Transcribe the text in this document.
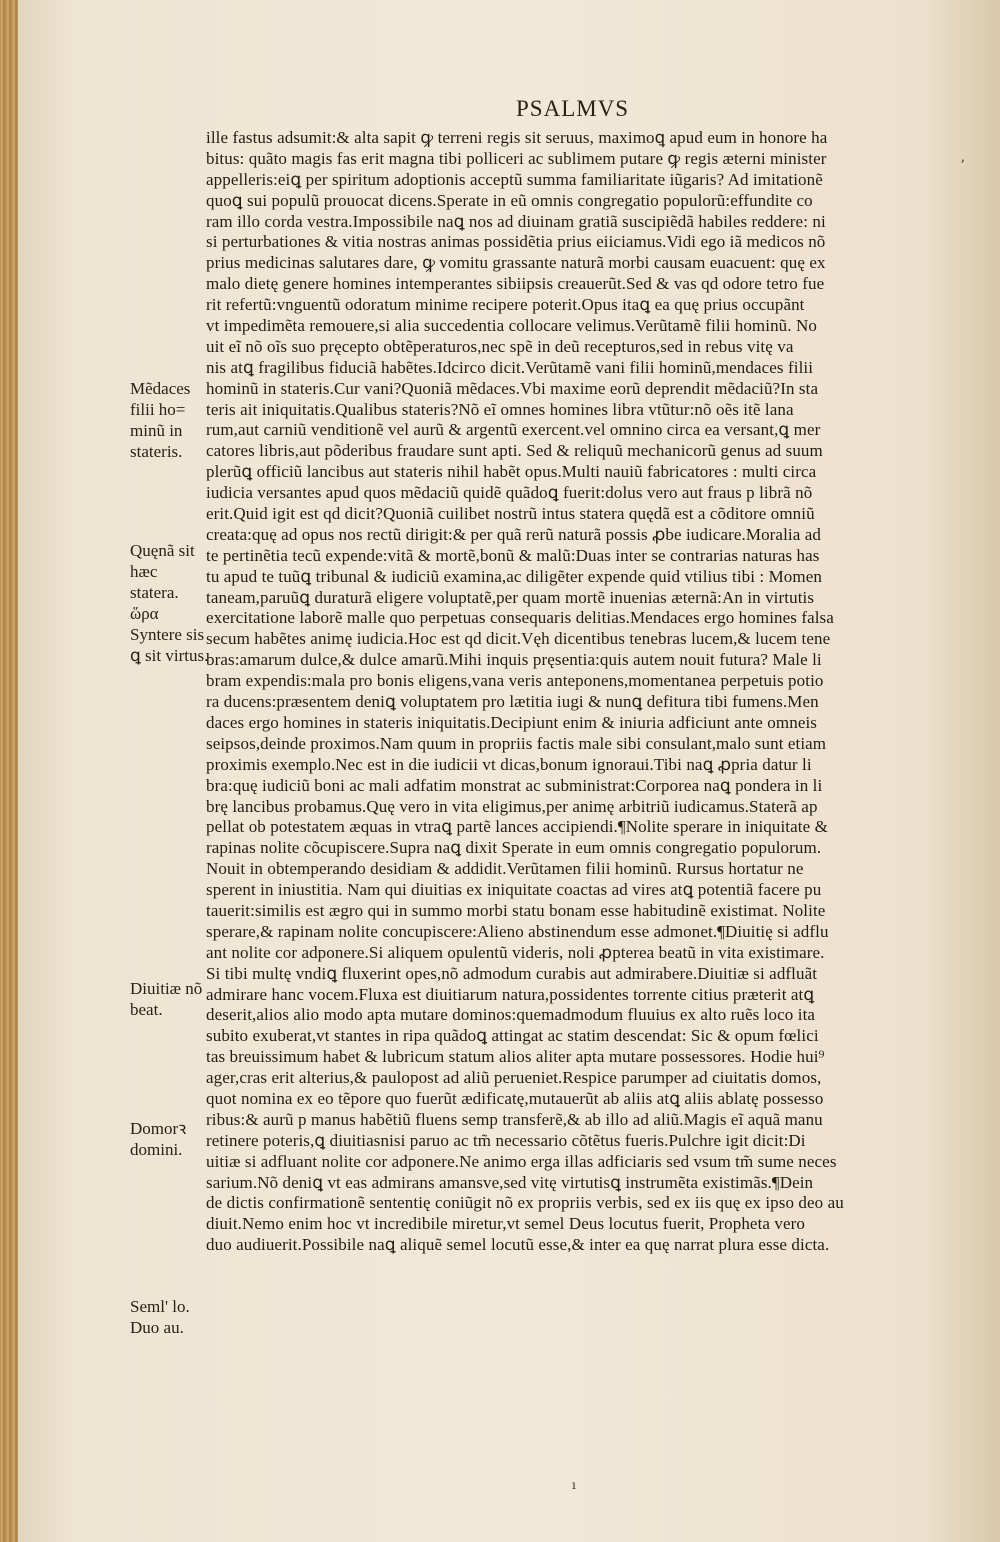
PSALMVS
ʼ
Mẽdaces filii ho= minũ in stateris.
Quęnã sit hæc statera. ὥρα Syntere sis ꝗ sit virtus.
Diuitiæ nõ beat.
Domorꝛ domini.
Seml' lo. Duo au.
ille fastus adsumit:& alta sapit ꝙ terreni regis sit seruus, maximoꝗ apud eum in honore ha
bitus: quãto magis fas erit magna tibi polliceri ac sublimem putare ꝙ regis æterni minister
appelleris:eiꝗ per spiritum adoptionis acceptũ summa familiaritate iũgaris? Ad imitationẽ
quoꝗ sui populũ prouocat dicens.Sperate in eũ omnis congregatio populorũ:effundite co
ram illo corda vestra.Impossibile naꝗ nos ad diuinam gratiã suscipiẽdã habiles reddere: ni
si perturbationes & vitia nostras animas possidẽtia prius eiiciamus.Vidi ego iã medicos nõ
prius medicinas salutares dare, ꝙ vomitu grassante naturã morbi causam euacuent: quę ex
malo dietę genere homines intemperantes sibiipsis creauerũt.Sed & vas qd odore tetro fue
rit refertũ:vnguentũ odoratum minime recipere poterit.Opus itaꝗ ea quę prius occupãnt
vt impedimẽta remouere,si alia succedentia collocare velimus.Verũtamẽ filii hominũ. No
uit eĩ nõ oĩs suo pręcepto obtẽperaturos,nec spẽ in deũ recepturos,sed in rebus vitę va
nis atꝗ fragilibus fiduciã habẽtes.Idcirco dicit.Verũtamẽ vani filii hominũ,mendaces filii
hominũ in stateris.Cur vani?Quoniã mẽdaces.Vbi maxime eorũ deprendit mẽdaciũ?In sta
teris ait iniquitatis.Qualibus stateris?Nõ eĩ omnes homines libra vtũtur:nõ oẽs itẽ lana
rum,aut carniũ venditionẽ vel aurũ & argentũ exercent.vel omnino circa ea versant,ꝗ mer
catores libris,aut põderibus fraudare sunt apti. Sed & reliquũ mechanicorũ genus ad suum
plerũꝗ officiũ lancibus aut stateris nihil habẽt opus.Multi nauiũ fabricatores : multi circa
iudicia versantes apud quos mẽdaciũ quidẽ quãdoꝗ fuerit:dolus vero aut fraus p librã nõ
erit.Quid igit est qd dicit?Quoniã cuilibet nostrũ intus statera quędã est a cõditore omniũ
creata:quę ad opus nos rectũ dirigit:& per quã rerũ naturã possis ꝓbe iudicare.Moralia ad
te pertinẽtia tecũ expende:vitã & mortẽ,bonũ & malũ:Duas inter se contrarias naturas has
tu apud te tuũꝗ tribunal & iudiciũ examina,ac diligẽter expende quid vtilius tibi : Momen
taneam,paruũꝗ duraturã eligere voluptatẽ,per quam mortẽ inuenias æternã:An in virtutis
exercitatione laborẽ malle quo perpetuas consequaris delitias.Mendaces ergo homines falsa
secum habẽtes animę iudicia.Hoc est qd dicit.Vęh dicentibus tenebras lucem,& lucem tene
bras:amarum dulce,& dulce amarũ.Mihi inquis pręsentia:quis autem nouit futura? Male li
bram expendis:mala pro bonis eligens,vana veris anteponens,momentanea perpetuis potio
ra ducens:præsentem deniꝗ voluptatem pro lætitia iugi & nunꝗ defitura tibi fumens.Men
daces ergo homines in stateris iniquitatis.Decipiunt enim & iniuria adficiunt ante omneis
seipsos,deinde proximos.Nam quum in propriis factis male sibi consulant,malo sunt etiam
proximis exemplo.Nec est in die iudicii vt dicas,bonum ignoraui.Tibi naꝗ ꝓpria datur li
bra:quę iudiciũ boni ac mali adfatim monstrat ac subministrat:Corporea naꝗ pondera in li
brę lancibus probamus.Quę vero in vita eligimus,per animę arbitriũ iudicamus.Staterã ap
pellat ob potestatem æquas in vtraꝗ partẽ lances accipiendi.¶Nolite sperare in iniquitate &
rapinas nolite cõcupiscere.Supra naꝗ dixit Sperate in eum omnis congregatio populorum.
Nouit in obtemperando desidiam & addidit.Verũtamen filii hominũ. Rursus hortatur ne
sperent in iniustitia. Nam qui diuitias ex iniquitate coactas ad vires atꝗ potentiã facere pu
tauerit:similis est ægro qui in summo morbi statu bonam esse habitudinẽ existimat. Nolite
sperare,& rapinam nolite concupiscere:Alieno abstinendum esse admonet.¶Diuitię si adflu
ant nolite cor adponere.Si aliquem opulentũ videris, noli ꝓpterea beatũ in vita existimare.
Si tibi multę vndiꝗ fluxerint opes,nõ admodum curabis aut admirabere.Diuitiæ si adfluãt
admirare hanc vocem.Fluxa est diuitiarum natura,possidentes torrente citius præterit atꝗ
deserit,alios alio modo apta mutare dominos:quemadmodum fluuius ex alto ruẽs loco ita
subito exuberat,vt stantes in ripa quãdoꝗ attingat ac statim descendat: Sic & opum fœlici
tas breuissimum habet & lubricum statum alios aliter apta mutare possessores. Hodie hui⁹
ager,cras erit alterius,& paulopost ad aliũ perueniet.Respice parumper ad ciuitatis domos,
quot nomina ex eo tẽpore quo fuerũt ædificatę,mutauerũt ab aliis atꝗ aliis ablatę possesso
ribus:& aurũ p manus habẽtiũ fluens semp transferẽ,& ab illo ad aliũ.Magis eĩ aquã manu
retinere poteris,ꝗ diuitiasnisi paruo ac tm̃ necessario cõtẽtus fueris.Pulchre igit dicit:Di
uitiæ si adfluant nolite cor adponere.Ne animo erga illas adficiaris sed vsum tm̃ sume neces
sarium.Nõ deniꝗ vt eas admirans amansve,sed vitę virtutisꝗ instrumẽta existimãs.¶Dein
de dictis confirmationẽ sententię coniũgit nõ ex propriis verbis, sed ex iis quę ex ipso deo au
diuit.Nemo enim hoc vt incredibile miretur,vt semel Deus locutus fuerit, Propheta vero
duo audiuerit.Possibile naꝗ aliquẽ semel locutũ esse,& inter ea quę narrat plura esse dicta.
ı
